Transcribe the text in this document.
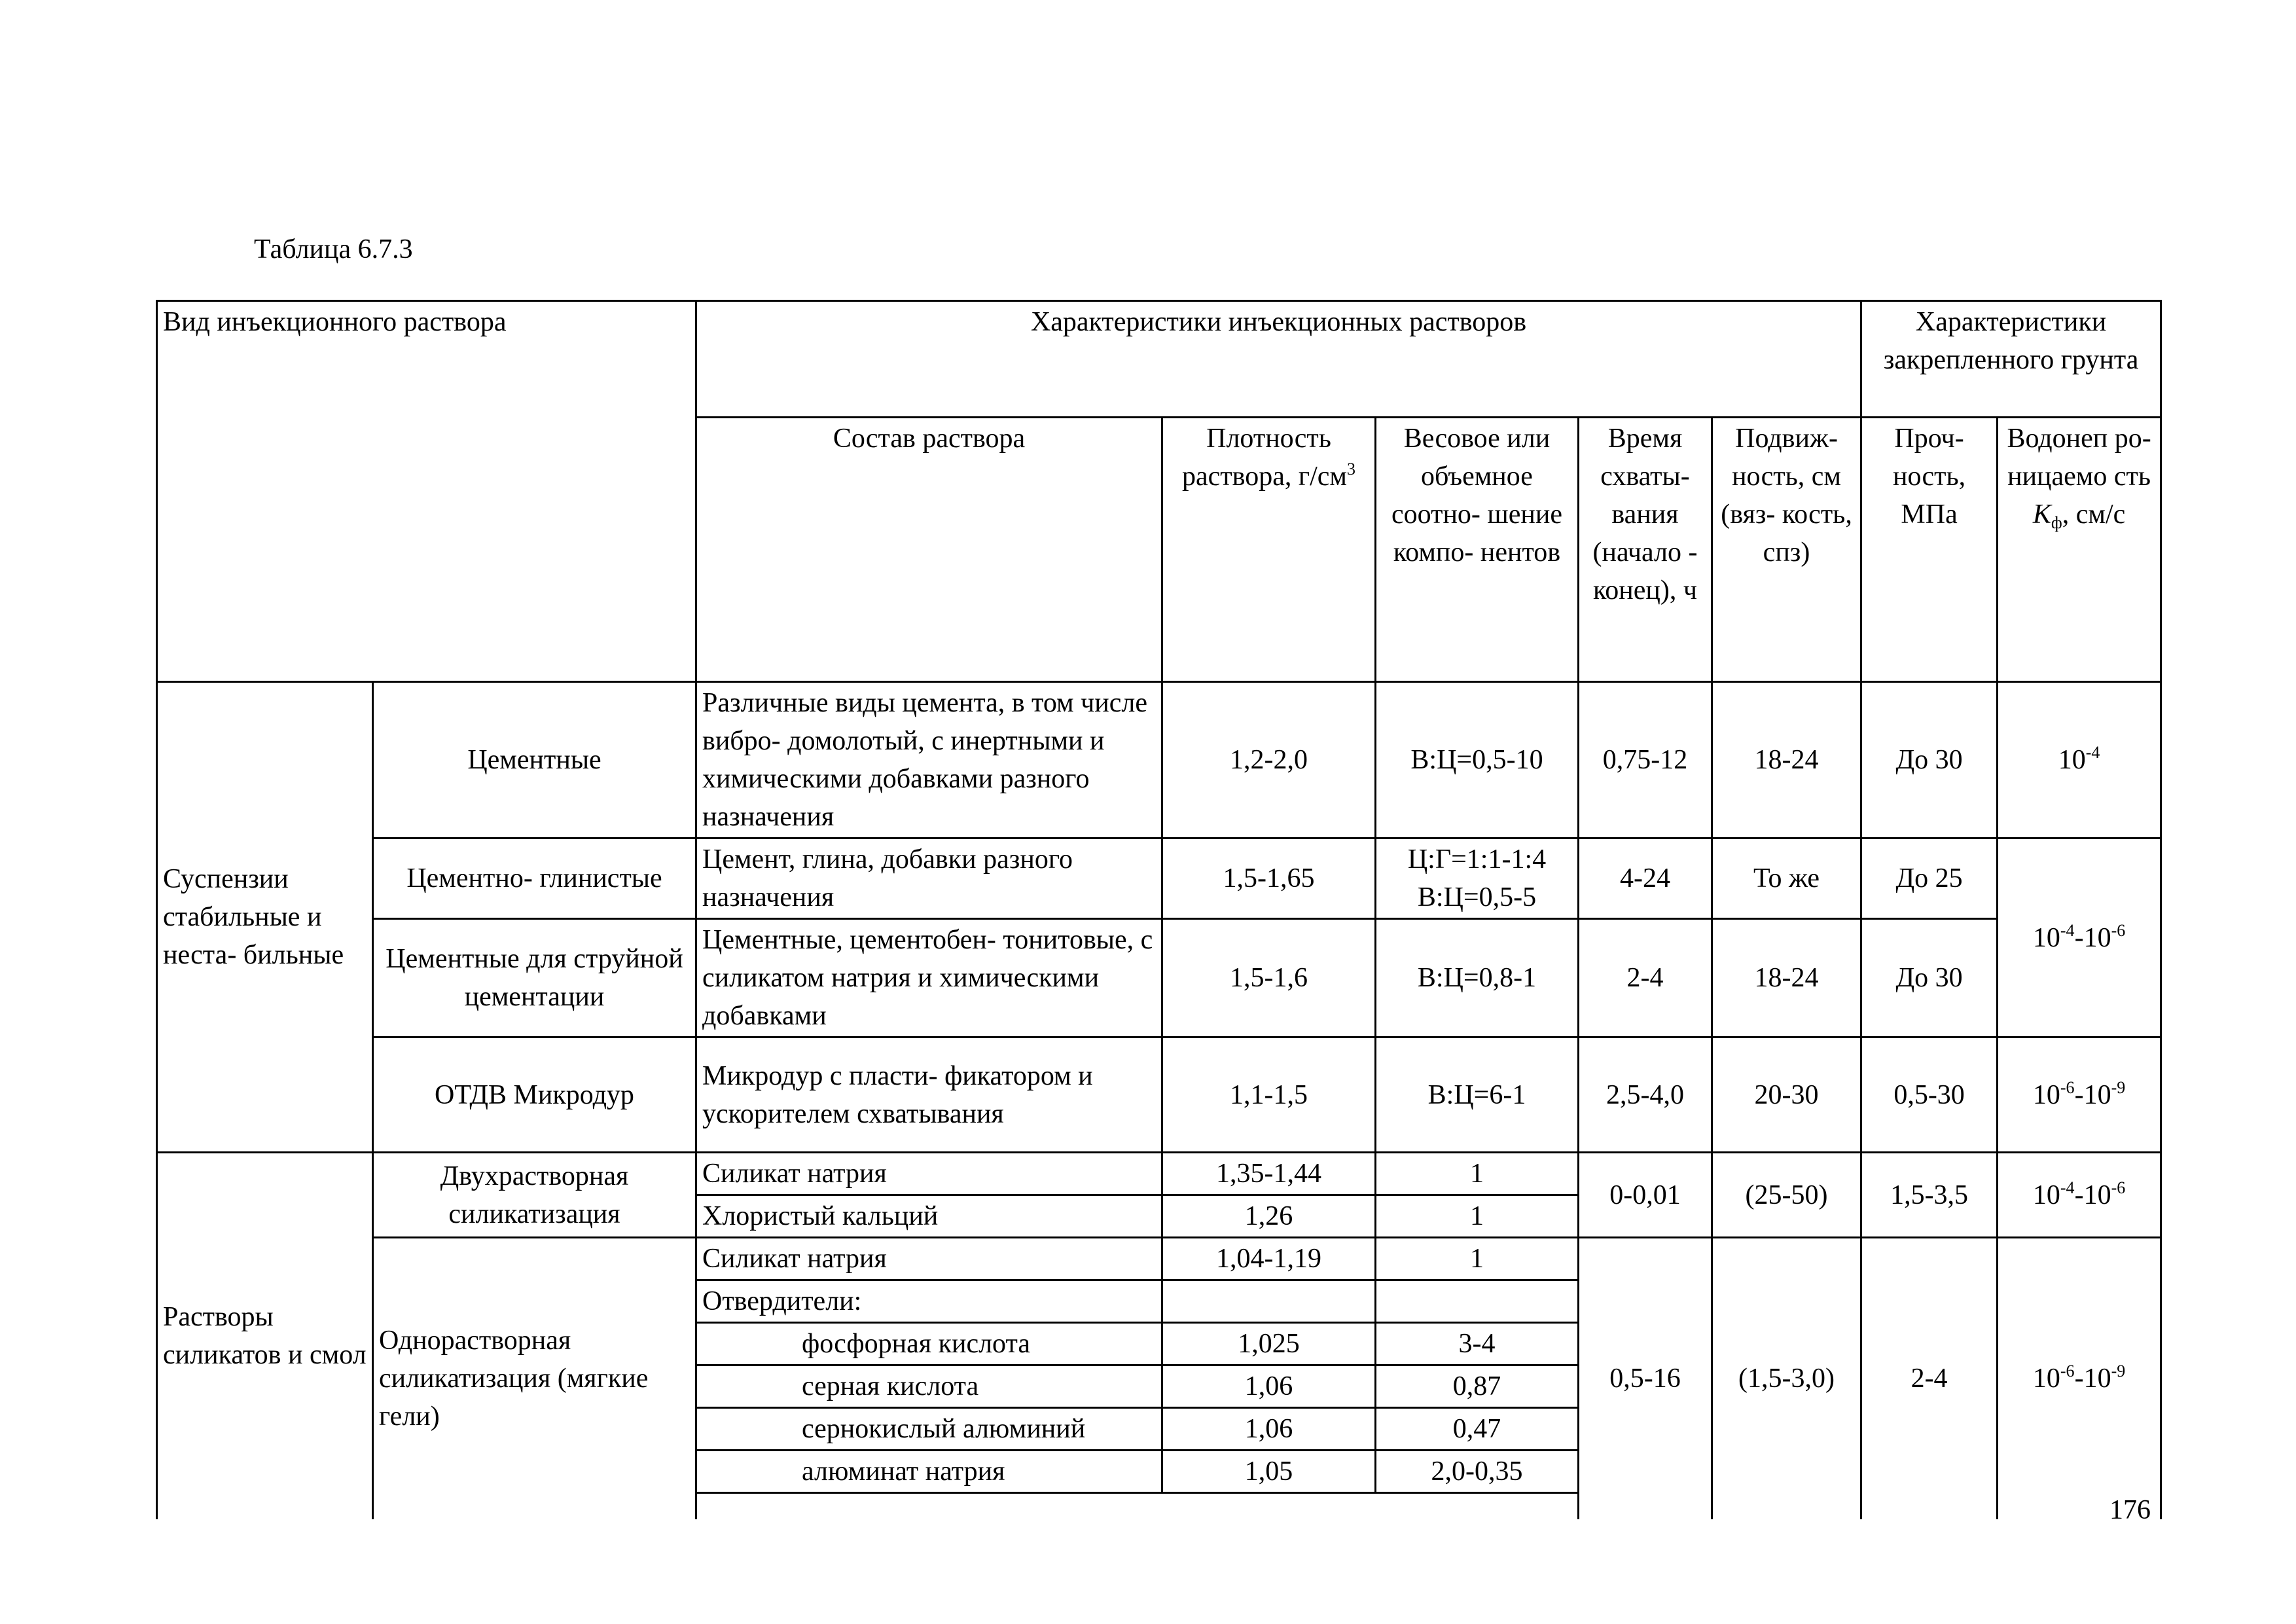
Таблица 6.7.3
Вид инъекционного раствора		Характеристики инъекционных растворов					Характеристики закрепленного грунта	
		Состав раствора	Плотность раствора, $г/см^3$	Весовое или объемное соотно- шение компо- нентов	Время схваты- вания (начало - конец), ч	Подвиж- ность, см (вяз- кость, спз)	Проч- ность, МПа	Водонеп ро- ницаемо сть $K_ф$, см/с
Суспензии стабильные и неста- бильные	Цементные	Различные виды цемента, в том числе вибро- домолотый, с инертными и химическими добавками разного назначения	1,2-2,0	В:Ц=0,5-10	0,75-12	18-24	До 30	$10^{-4}$
	Цементно- глинистые	Цемент, глина, добавки разного назначения	1,5-1,65	Ц:Г=1:1-1:4
В:Ц=0,5-5	4-24	То же	До 25	$10^{-4}-10^{-6}$
	Цементные для струйной цементации	Цементные, цементобен- тонитовые, с силикатом натрия и химическими добавками	1,5-1,6	В:Ц=0,8-1	2-4	18-24	До 30	
	ОТДВ Микродур	Микродур с пласти- фикатором и ускорителем схватывания	1,1-1,5	В:Ц=6-1	2,5-4,0	20-30	0,5-30	$10^{-6}-10^{-9}$
Растворы силикатов и смол	Двухрастворная силикатизация	Силикат натрия	1,35-1,44	1	0-0,01	(25-50)	1,5-3,5	$10^{-4}-10^{-6}$
		Хлористый кальций	1,26	1				
	Однорастворная силикатизация (мягкие гели)	Силикат натрия	1,04-1,19	1	0,5-16	(1,5-3,0)	2-4	$10^{-6}-10^{-9}$
		Отвердители:						
		фосфорная кислота	1,025	3-4				
		серная кислота	1,06	0,87				
		сернокислый алюминий	1,06	0,47				
		алюминат натрия	1,05	2,0-0,35				

176
